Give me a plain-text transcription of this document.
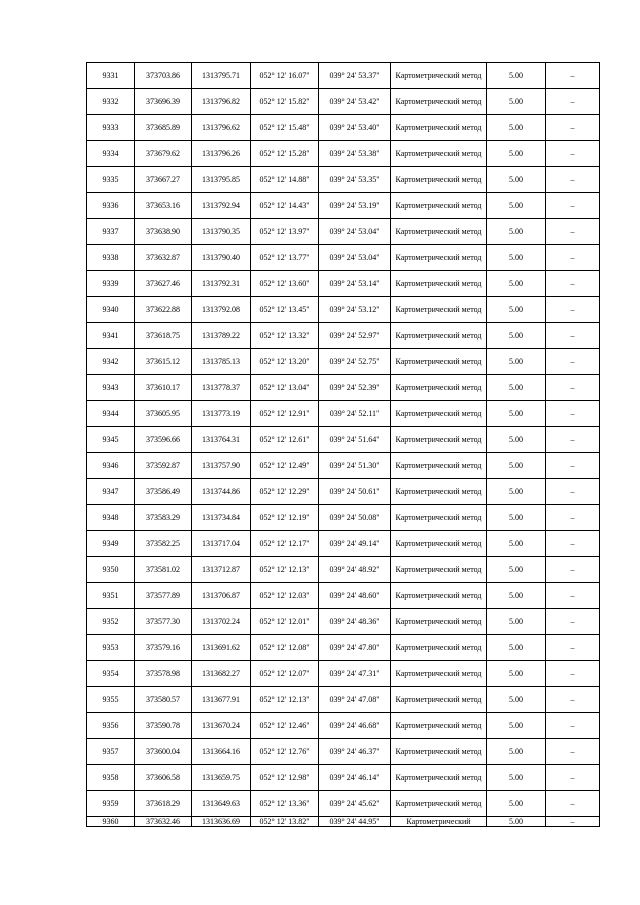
9331	373703.86	1313795.71	052° 12' 16.07"	039° 24' 53.37"	Картометрический метод	5.00	–
9332	373696.39	1313796.82	052° 12' 15.82"	039° 24' 53.42"	Картометрический метод	5.00	–
9333	373685.89	1313796.62	052° 12' 15.48"	039° 24' 53.40"	Картометрический метод	5.00	–
9334	373679.62	1313796.26	052° 12' 15.28"	039° 24' 53.38"	Картометрический метод	5.00	–
9335	373667.27	1313795.85	052° 12' 14.88"	039° 24' 53.35"	Картометрический метод	5.00	–
9336	373653.16	1313792.94	052° 12' 14.43"	039° 24' 53.19"	Картометрический метод	5.00	–
9337	373638.90	1313790.35	052° 12' 13.97"	039° 24' 53.04"	Картометрический метод	5.00	–
9338	373632.87	1313790.40	052° 12' 13.77"	039° 24' 53.04"	Картометрический метод	5.00	–
9339	373627.46	1313792.31	052° 12' 13.60"	039° 24' 53.14"	Картометрический метод	5.00	–
9340	373622.88	1313792.08	052° 12' 13.45"	039° 24' 53.12"	Картометрический метод	5.00	–
9341	373618.75	1313789.22	052° 12' 13.32"	039° 24' 52.97"	Картометрический метод	5.00	–
9342	373615.12	1313785.13	052° 12' 13.20"	039° 24' 52.75"	Картометрический метод	5.00	–
9343	373610.17	1313778.37	052° 12' 13.04"	039° 24' 52.39"	Картометрический метод	5.00	–
9344	373605.95	1313773.19	052° 12' 12.91"	039° 24' 52.11"	Картометрический метод	5.00	–
9345	373596.66	1313764.31	052° 12' 12.61"	039° 24' 51.64"	Картометрический метод	5.00	–
9346	373592.87	1313757.90	052° 12' 12.49"	039° 24' 51.30"	Картометрический метод	5.00	–
9347	373586.49	1313744.86	052° 12' 12.29"	039° 24' 50.61"	Картометрический метод	5.00	–
9348	373583.29	1313734.84	052° 12' 12.19"	039° 24' 50.08"	Картометрический метод	5.00	–
9349	373582.25	1313717.04	052° 12' 12.17"	039° 24' 49.14"	Картометрический метод	5.00	–
9350	373581.02	1313712.87	052° 12' 12.13"	039° 24' 48.92"	Картометрический метод	5.00	–
9351	373577.89	1313706.87	052° 12' 12.03"	039° 24' 48.60"	Картометрический метод	5.00	–
9352	373577.30	1313702.24	052° 12' 12.01"	039° 24' 48.36"	Картометрический метод	5.00	–
9353	373579.16	1313691.62	052° 12' 12.08"	039° 24' 47.80"	Картометрический метод	5.00	–
9354	373578.98	1313682.27	052° 12' 12.07"	039° 24' 47.31"	Картометрический метод	5.00	–
9355	373580.57	1313677.91	052° 12' 12.13"	039° 24' 47.08"	Картометрический метод	5.00	–
9356	373590.78	1313670.24	052° 12' 12.46"	039° 24' 46.68"	Картометрический метод	5.00	–
9357	373600.04	1313664.16	052° 12' 12.76"	039° 24' 46.37"	Картометрический метод	5.00	–
9358	373606.58	1313659.75	052° 12' 12.98"	039° 24' 46.14"	Картометрический метод	5.00	–
9359	373618.29	1313649.63	052° 12' 13.36"	039° 24' 45.62"	Картометрический метод	5.00	–
9360	373632.46	1313636.69	052° 12' 13.82"	039° 24' 44.95"	Картометрический	5.00	–
